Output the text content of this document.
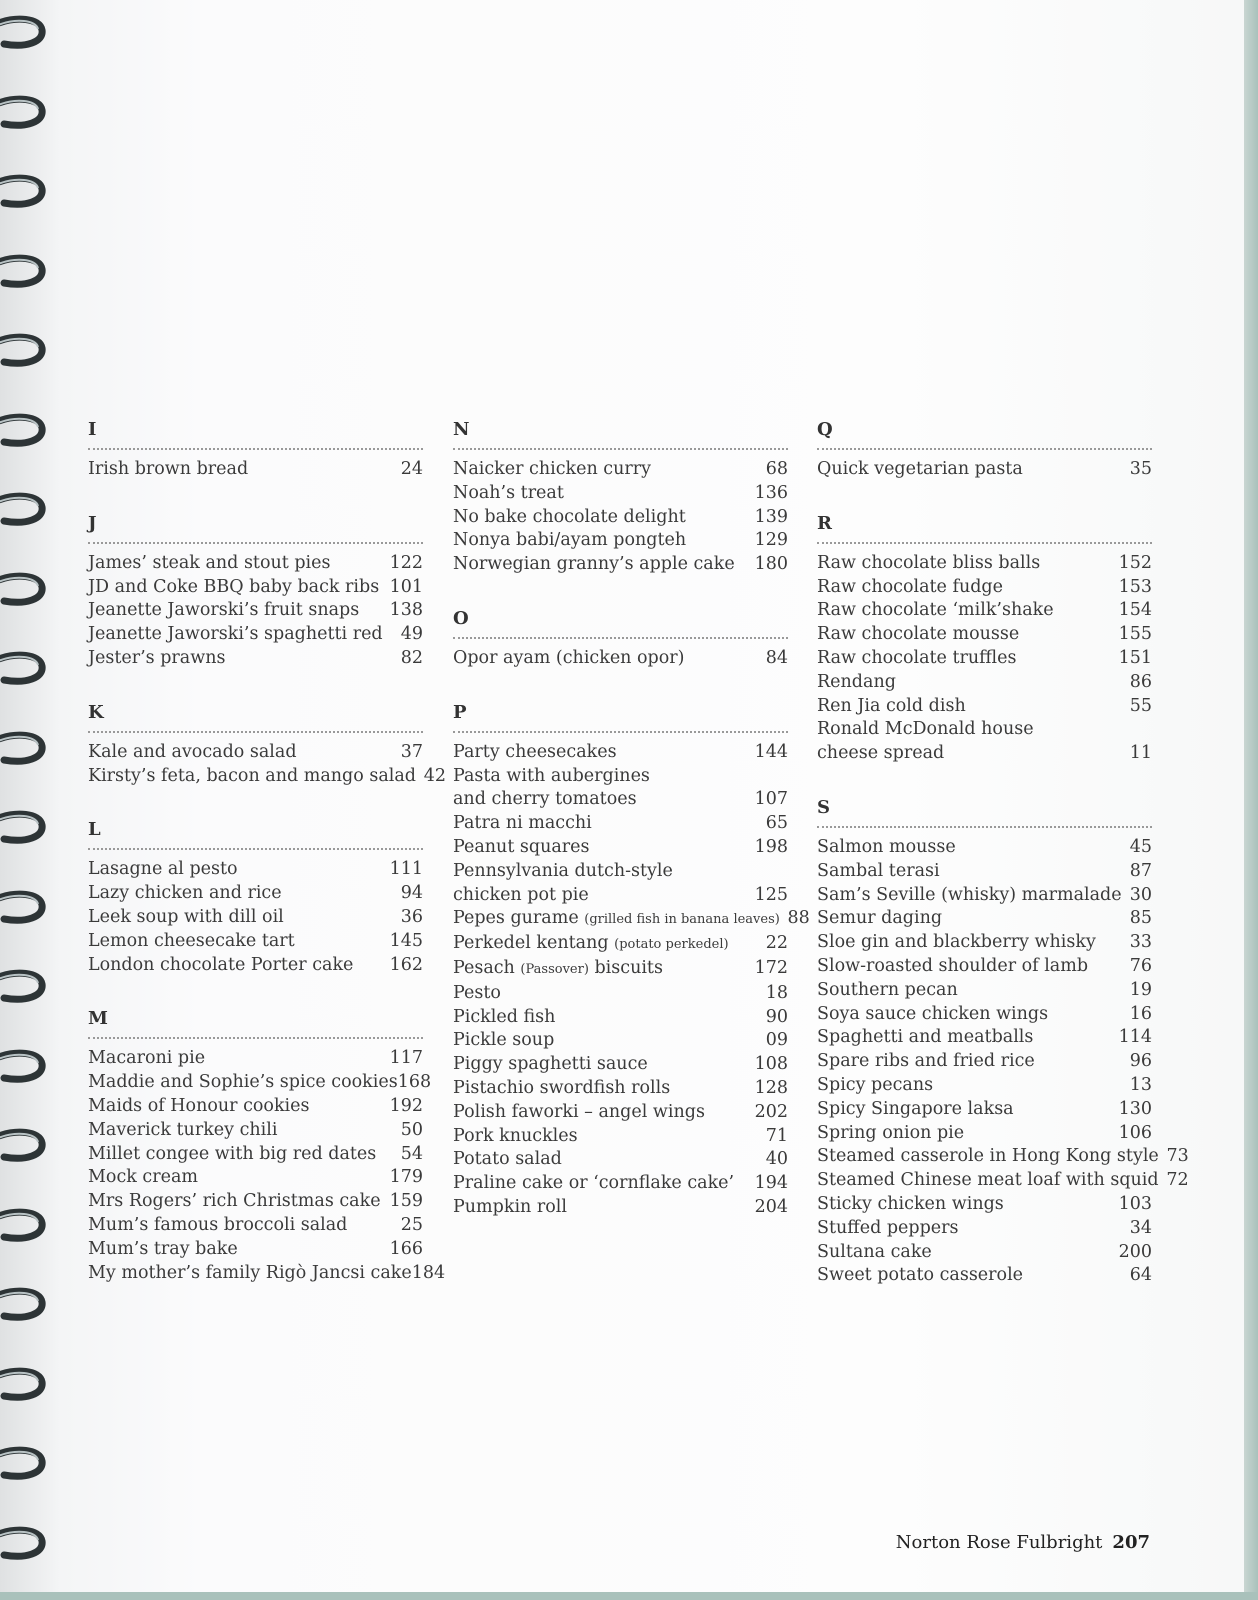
I
Irish brown bread	24
J
James’ steak and stout pies	122
JD and Coke BBQ baby back ribs 101
Jeanette Jaworski’s fruit snaps 138
Jeanette Jaworski’s spaghetti red	49
Jester’s prawns	82
K
Kale and avocado salad	37
Kirsty’s feta, bacon and mango salad 42
L
Lasagne al pesto	111
Lazy chicken and rice	94
Leek soup with dill oil	36
Lemon cheesecake tart	145
London chocolate Porter cake 162
M
Macaroni pie	117
Maddie and Sophie’s spice cookies 168
Maids of Honour cookies	192
Maverick turkey chili	50
Millet congee with big red dates	54
Mock cream	179
Mrs Rogers’ rich Christmas cake 159
Mum’s famous broccoli salad	25
Mum’s tray bake	166
My mother’s family Rigò Jancsi cake 184
N
Naicker chicken curry	68
Noah’s treat	136
No bake chocolate delight	139
Nonya babi/ayam pongteh	129
Norwegian granny’s apple cake 180
O
Opor ayam (chicken opor)	84
P
Party cheesecakes	144
Pasta with aubergines
and cherry tomatoes	107
Patra ni macchi	65
Peanut squares	198
Pennsylvania dutch-style
chicken pot pie	125
Pepes gurame (grilled fish in banana leaves) 88
Perkedel kentang (potato perkedel)	22
Pesach (Passover) biscuits	172
Pesto	18
Pickled fish	90
Pickle soup	09
Piggy spaghetti sauce	108
Pistachio swordfish rolls	128
Polish faworki – angel wings	202
Pork knuckles	71
Potato salad	40
Praline cake or ‘cornflake cake’ 194
Pumpkin roll	204
Q
Quick vegetarian pasta	35
R
Raw chocolate bliss balls	152
Raw chocolate fudge	153
Raw chocolate ‘milk’shake	154
Raw chocolate mousse	155
Raw chocolate truffles	151
Rendang	86
Ren Jia cold dish	55
Ronald McDonald house
cheese spread	11
S
Salmon mousse	45
Sambal terasi	87
Sam’s Seville (whisky) marmalade 30
Semur daging	85
Sloe gin and blackberry whisky	33
Slow-roasted shoulder of lamb	76
Southern pecan	19
Soya sauce chicken wings	16
Spaghetti and meatballs	114
Spare ribs and fried rice	96
Spicy pecans	13
Spicy Singapore laksa	130
Spring onion pie	106
Steamed casserole in Hong Kong style 73
Steamed Chinese meat loaf with squid 72
Sticky chicken wings	103
Stuffed peppers	34
Sultana cake	200
Sweet potato casserole	64
Norton Rose Fulbright 207
